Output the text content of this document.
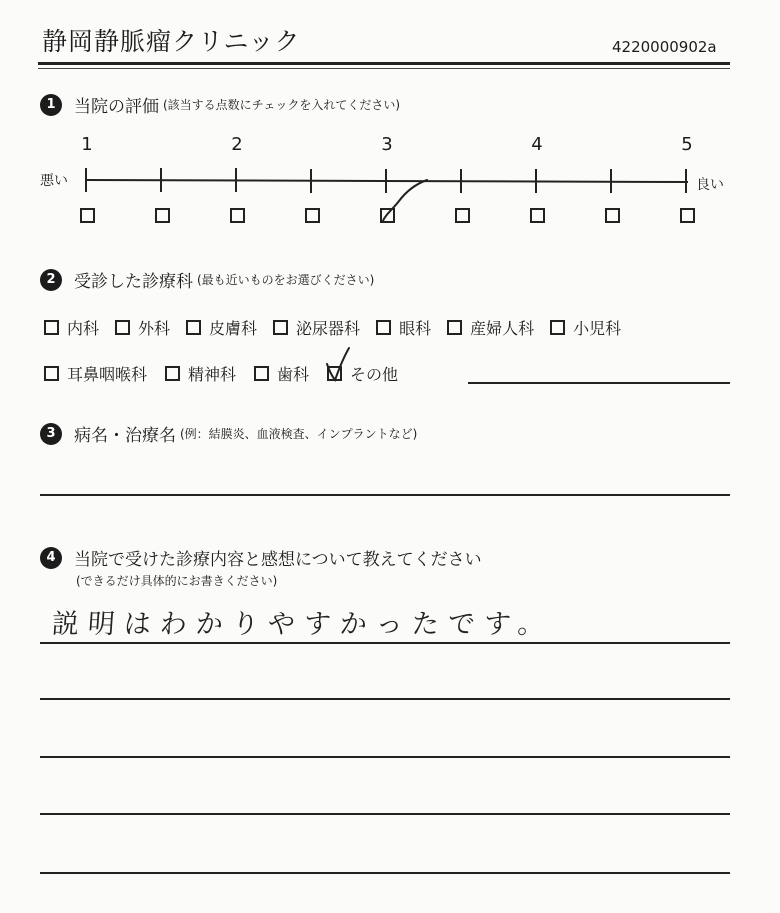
静岡静脈瘤クリニック	4220000902a
1	当院の評価 (該当する点数にチェックを入れてください)
1	2	3	4	5
悪い	良い
2	受診した診療科 (最も近いものをお選びください)
内科 外科 皮膚科 泌尿器科 眼科 産婦人科 小児科
耳鼻咽喉科	精神科	歯科	その他
3	病名・治療名 (例：結膜炎、血液検査、インプラントなど)
4	当院で受けた診療内容と感想について教えてください
(できるだけ具体的にお書きください)
説明はわかりやすかったです。
